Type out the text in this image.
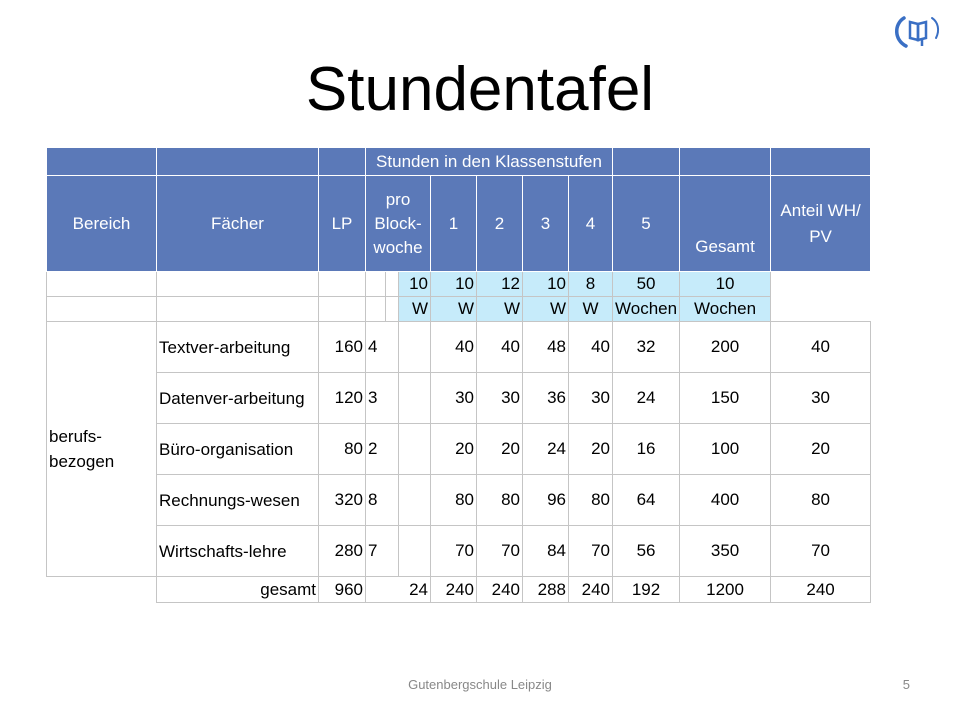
Stundentafel
			Stunden in den Klassenstufen									
Bereich	Fächer	LP	pro Block-woche			1	2	3	4	5	Gesamt	Anteil WH/ PV
					10	10	12	10	8	50	10	
					W	W	W	W	W	Wochen	Wochen	
berufs-bezogen	Textver-arbeitung	160	4			40	40	48	40	32	200	40
	Datenver-arbeitung	120	3			30	30	36	30	24	150	30
	Büro-organisation	80	2			20	20	24	20	16	100	20
	Rechnungs-wesen	320	8			80	80	96	80	64	400	80
	Wirtschafts-lehre	280	7			70	70	84	70	56	350	70
	gesamt	960	24			240	240	288	240	192	1200	240
Gutenbergschule Leipzig	5
